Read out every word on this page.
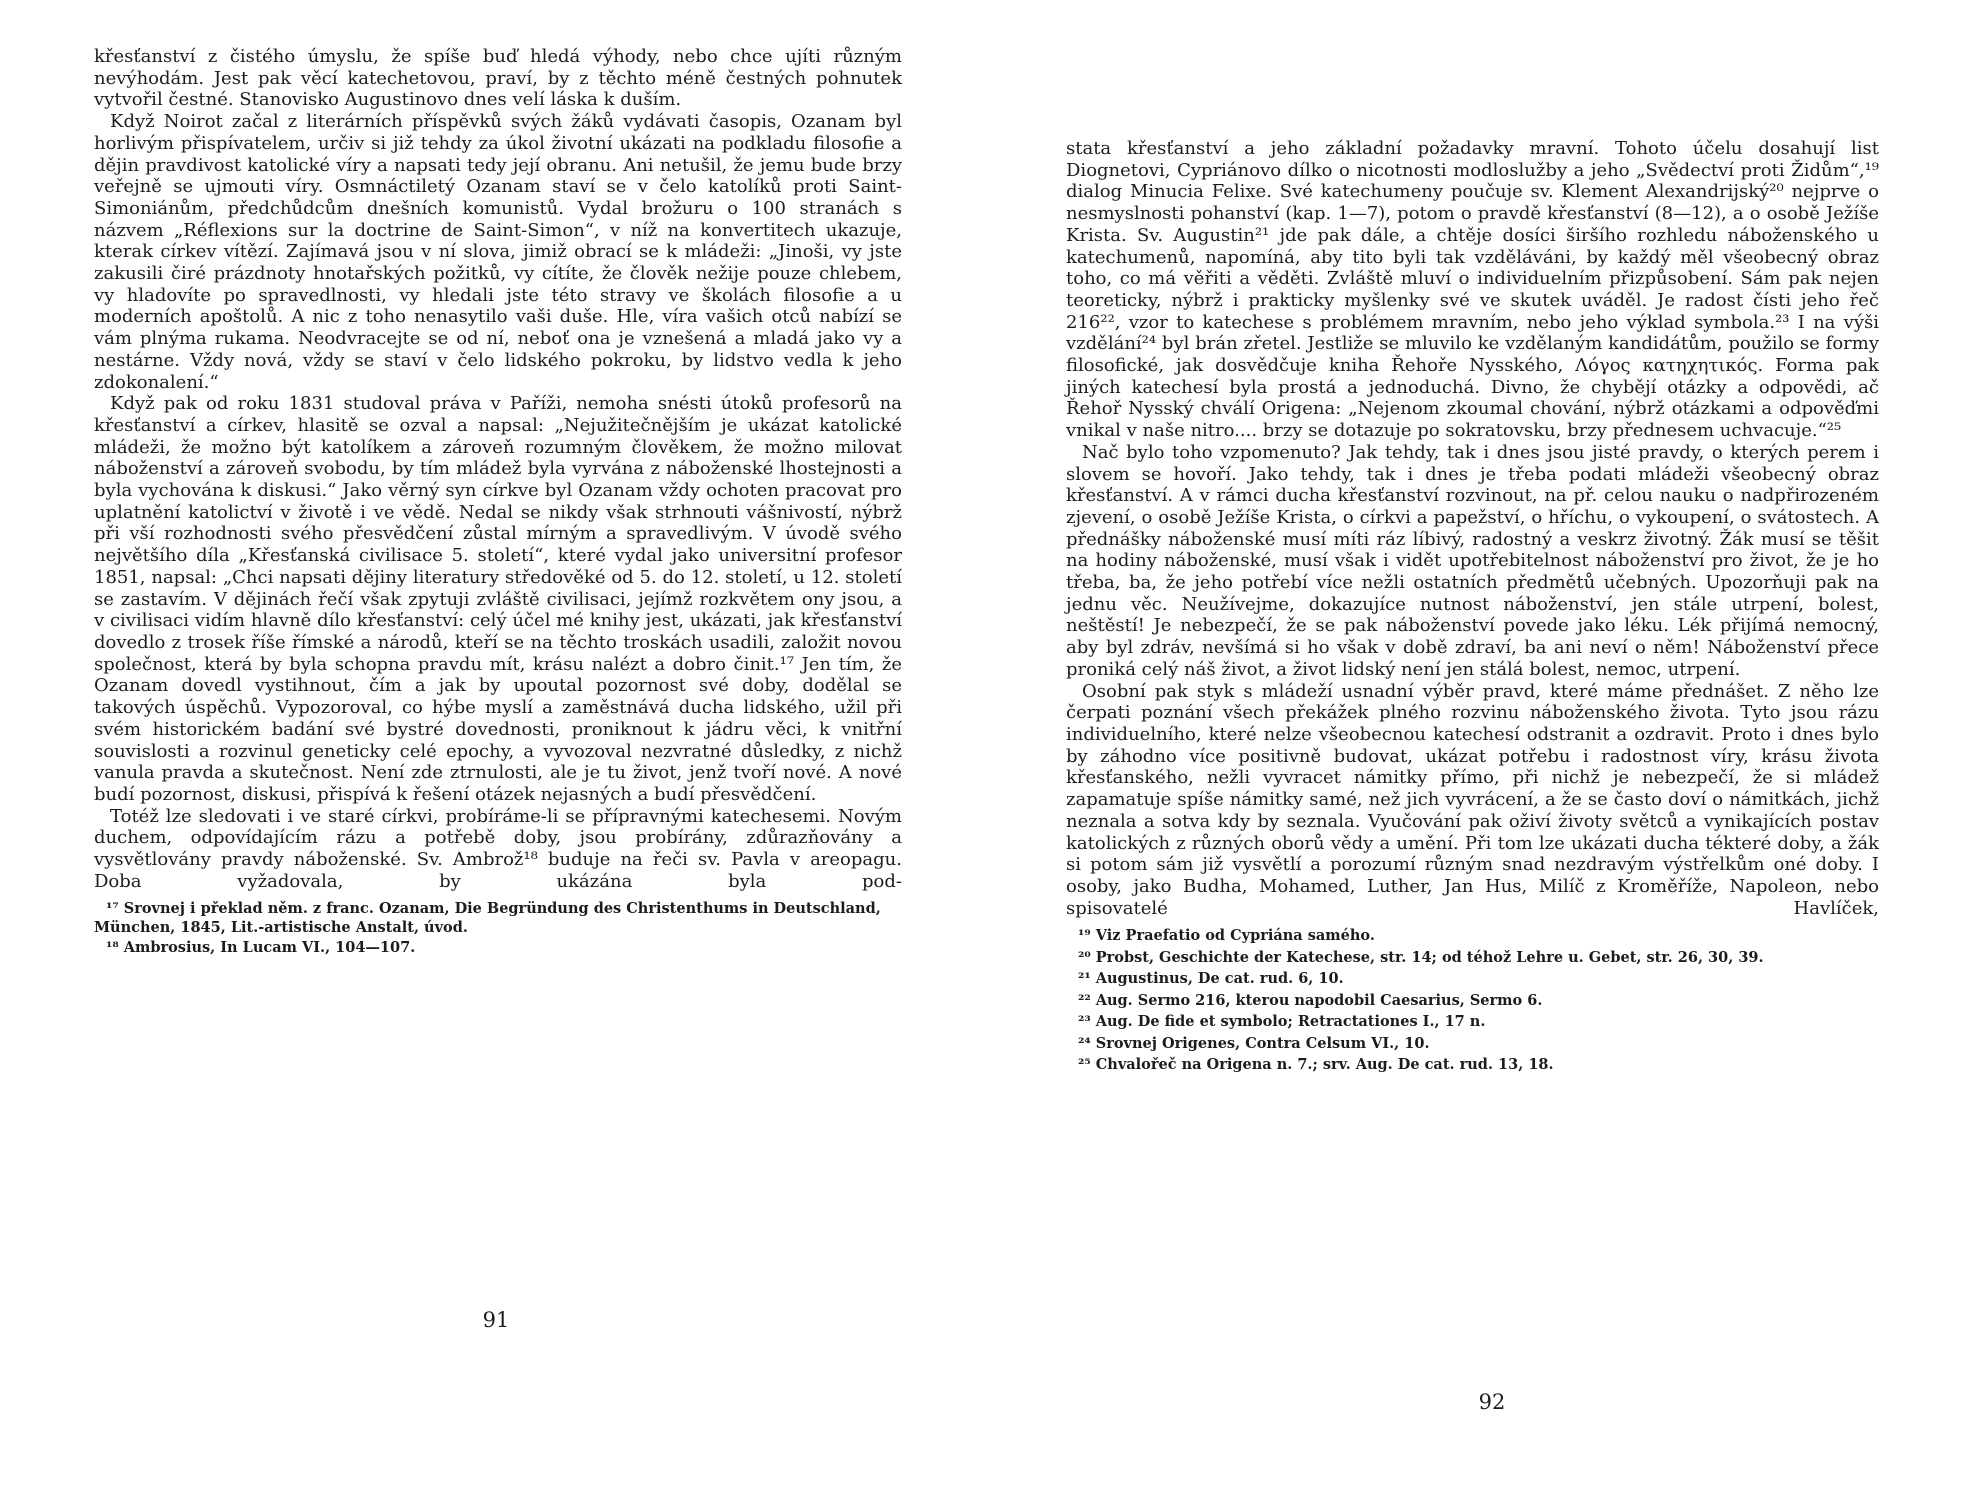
křesťanství z čistého úmyslu, že spíše buď hledá výhody, nebo chce ujíti různým nevýhodám. Jest pak věcí katechetovou, praví, by z těchto méně čestných pohnutek vytvořil čestné. Stanovisko Augustinovo dnes velí láska k duším.

Když Noirot začal z literárních příspěvků svých žáků vydávati časopis, Ozanam byl horlivým přispívatelem, určiv si již tehdy za úkol životní ukázati na podkladu filosofie a dějin pravdivost katolické víry a napsati tedy její obranu. Ani netušil, že jemu bude brzy veřejně se ujmouti víry. Osmnáctiletý Ozanam staví se v čelo katolíků proti Saint-Simoniánům, předchůdcům dnešních komunistů. Vydal brožuru o 100 stranách s názvem „Réflexions sur la doctrine de Saint-Simon“, v níž na konvertitech ukazuje, kterak církev vítězí. Zajímavá jsou v ní slova, jimiž obrací se k mládeži: „Jinoši, vy jste zakusili čiré prázdnoty hnotařských požitků, vy cítíte, že člověk nežije pouze chlebem, vy hladovíte po spravedlnosti, vy hledali jste této stravy ve školách filosofie a u moderních apoštolů. A nic z toho nenasytilo vaši duše. Hle, víra vašich otců nabízí se vám plnýma rukama. Neodvracejte se od ní, neboť ona je vznešená a mladá jako vy a nestárne. Vždy nová, vždy se staví v čelo lidského pokroku, by lidstvo vedla k jeho zdokonalení.“

Když pak od roku 1831 studoval práva v Paříži, nemoha snésti útoků profesorů na křesťanství a církev, hlasitě se ozval a napsal: „Nejužitečnějším je ukázat katolické mládeži, že možno být katolíkem a zároveň rozumným člověkem, že možno milovat náboženství a zároveň svobodu, by tím mládež byla vyrvána z náboženské lhostejnosti a byla vychována k diskusi.“ Jako věrný syn církve byl Ozanam vždy ochoten pracovat pro uplatnění katolictví v životě i ve vědě. Nedal se nikdy však strhnouti vášnivostí, nýbrž při vší rozhodnosti svého přesvědčení zůstal mírným a spravedlivým. V úvodě svého největšího díla „Křesťanská civilisace 5. století“, které vydal jako universitní profesor 1851, napsal: „Chci napsati dějiny literatury středověké od 5. do 12. století, u 12. století se zastavím. V dějinách řečí však zpytuji zvláště civilisaci, jejímž rozkvětem ony jsou, a v civilisaci vidím hlavně dílo křesťanství: celý účel mé knihy jest, ukázati, jak křesťanství dovedlo z trosek říše římské a národů, kteří se na těchto troskách usadili, založit novou společnost, která by byla schopna pravdu mít, krásu nalézt a dobro činit.¹⁷ Jen tím, že Ozanam dovedl vystihnout, čím a jak by upoutal pozornost své doby, dodělal se takových úspěchů. Vypozoroval, co hýbe myslí a zaměstnává ducha lidského, užil při svém historickém badání své bystré dovednosti, proniknout k jádru věci, k vnitřní souvislosti a rozvinul geneticky celé epochy, a vyvozoval nezvratné důsledky, z nichž vanula pravda a skutečnost. Není zde ztrnulosti, ale je tu život, jenž tvoří nové. A nové budí pozornost, diskusi, přispívá k řešení otázek nejasných a budí přesvědčení.

Totéž lze sledovati i ve staré církvi, probíráme-li se přípravnými katechesemi. Novým duchem, odpovídajícím rázu a potřebě doby, jsou probírány, zdůrazňovány a vysvětlovány pravdy náboženské. Sv. Ambrož¹⁸ buduje na řeči sv. Pavla v areopagu. Doba vyžadovala, by ukázána byla pod-

¹⁷ Srovnej i překlad něm. z franc. Ozanam, Die Begründung des Christenthums in Deutschland, München, 1845, Lit.-artistische Anstalt, úvod.

¹⁸ Ambrosius, In Lucam VI., 104—107.

91

stata křesťanství a jeho základní požadavky mravní. Tohoto účelu dosahují list Diognetovi, Cypriánovo dílko o nicotnosti modloslužby a jeho „Svědectví proti Židům“,¹⁹ dialog Minucia Felixe. Své katechumeny poučuje sv. Klement Alexandrijský²⁰ nejprve o nesmyslnosti pohanství (kap. 1—7), potom o pravdě křesťanství (8—12), a o osobě Ježíše Krista. Sv. Augustin²¹ jde pak dále, a chtěje dosíci širšího rozhledu náboženského u katechumenů, napomíná, aby tito byli tak vzděláváni, by každý měl všeobecný obraz toho, co má věřiti a věděti. Zvláště mluví o individuelním přizpůsobení. Sám pak nejen teoreticky, nýbrž i prakticky myšlenky své ve skutek uváděl. Je radost čísti jeho řeč 216²², vzor to katechese s problémem mravním, nebo jeho výklad symbola.²³ I na výši vzdělání²⁴ byl brán zřetel. Jestliže se mluvilo ke vzdělaným kandidátům, použilo se formy filosofické, jak dosvědčuje kniha Řehoře Nysského, Λόγος κατηχητικός. Forma pak jiných katechesí byla prostá a jednoduchá. Divno, že chybějí otázky a odpovědi, ač Řehoř Nysský chválí Origena: „Nejenom zkoumal chování, nýbrž otázkami a odpověďmi vnikal v naše nitro.... brzy se dotazuje po sokratovsku, brzy přednesem uchvacuje.“²⁵

Nač bylo toho vzpomenuto? Jak tehdy, tak i dnes jsou jisté pravdy, o kterých perem i slovem se hovoří. Jako tehdy, tak i dnes je třeba podati mládeži všeobecný obraz křesťanství. A v rámci ducha křesťanství rozvinout, na př. celou nauku o nadpřirozeném zjevení, o osobě Ježíše Krista, o církvi a papežství, o hříchu, o vykoupení, o svátostech. A přednášky náboženské musí míti ráz líbivý, radostný a veskrz životný. Žák musí se těšit na hodiny náboženské, musí však i vidět upotřebitelnost náboženství pro život, že je ho třeba, ba, že jeho potřebí více nežli ostatních předmětů učebných. Upozorňuji pak na jednu věc. Neužívejme, dokazujíce nutnost náboženství, jen stále utrpení, bolest, neštěstí! Je nebezpečí, že se pak náboženství povede jako léku. Lék přijímá nemocný, aby byl zdráv, nevšímá si ho však v době zdraví, ba ani neví o něm! Náboženství přece proniká celý náš život, a život lidský není jen stálá bolest, nemoc, utrpení.

Osobní pak styk s mládeží usnadní výběr pravd, které máme přednášet. Z něho lze čerpati poznání všech překážek plného rozvinu náboženského života. Tyto jsou rázu individuelního, které nelze všeobecnou katechesí odstranit a ozdravit. Proto i dnes bylo by záhodno více positivně budovat, ukázat potřebu i radostnost víry, krásu života křesťanského, nežli vyvracet námitky přímo, při nichž je nebezpečí, že si mládež zapamatuje spíše námitky samé, než jich vyvrácení, a že se často doví o námitkách, jichž neznala a sotva kdy by seznala. Vyučování pak oživí životy světců a vynikajících postav katolických z různých oborů vědy a umění. Při tom lze ukázati ducha tékteré doby, a žák si potom sám již vysvětlí a porozumí různým snad nezdravým výstřelkům oné doby. I osoby, jako Budha, Mohamed, Luther, Jan Hus, Milíč z Kroměříže, Napoleon, nebo spisovatelé Havlíček,

¹⁹ Viz Praefatio od Cypriána samého.

²⁰ Probst, Geschichte der Katechese, str. 14; od téhož Lehre u. Gebet, str. 26, 30, 39.

²¹ Augustinus, De cat. rud. 6, 10.

²² Aug. Sermo 216, kterou napodobil Caesarius, Sermo 6.

²³ Aug. De fide et symbolo; Retractationes I., 17 n.

²⁴ Srovnej Origenes, Contra Celsum VI., 10.

²⁵ Chvalořeč na Origena n. 7.; srv. Aug. De cat. rud. 13, 18.

92
